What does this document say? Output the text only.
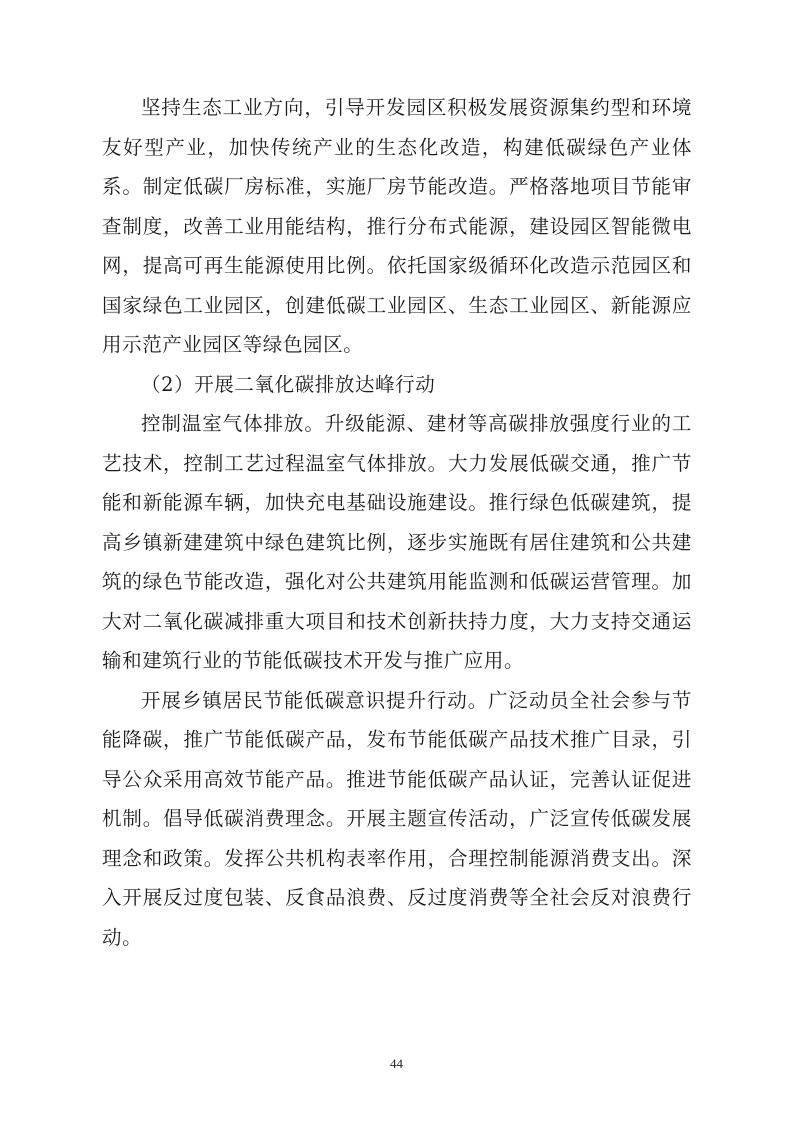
坚持生态工业方向，引导开发园区积极发展资源集约型和环境友好型产业，加快传统产业的生态化改造，构建低碳绿色产业体系。制定低碳厂房标准，实施厂房节能改造。严格落地项目节能审查制度，改善工业用能结构，推行分布式能源，建设园区智能微电网，提高可再生能源使用比例。依托国家级循环化改造示范园区和国家绿色工业园区，创建低碳工业园区、生态工业园区、新能源应用示范产业园区等绿色园区。

（2）开展二氧化碳排放达峰行动

控制温室气体排放。升级能源、建材等高碳排放强度行业的工艺技术，控制工艺过程温室气体排放。大力发展低碳交通，推广节能和新能源车辆，加快充电基础设施建设。推行绿色低碳建筑，提高乡镇新建建筑中绿色建筑比例，逐步实施既有居住建筑和公共建筑的绿色节能改造，强化对公共建筑用能监测和低碳运营管理。加大对二氧化碳减排重大项目和技术创新扶持力度，大力支持交通运输和建筑行业的节能低碳技术开发与推广应用。

开展乡镇居民节能低碳意识提升行动。广泛动员全社会参与节能降碳，推广节能低碳产品，发布节能低碳产品技术推广目录，引导公众采用高效节能产品。推进节能低碳产品认证，完善认证促进机制。倡导低碳消费理念。开展主题宣传活动，广泛宣传低碳发展理念和政策。发挥公共机构表率作用，合理控制能源消费支出。深入开展反过度包装、反食品浪费、反过度消费等全社会反对浪费行动。

44
